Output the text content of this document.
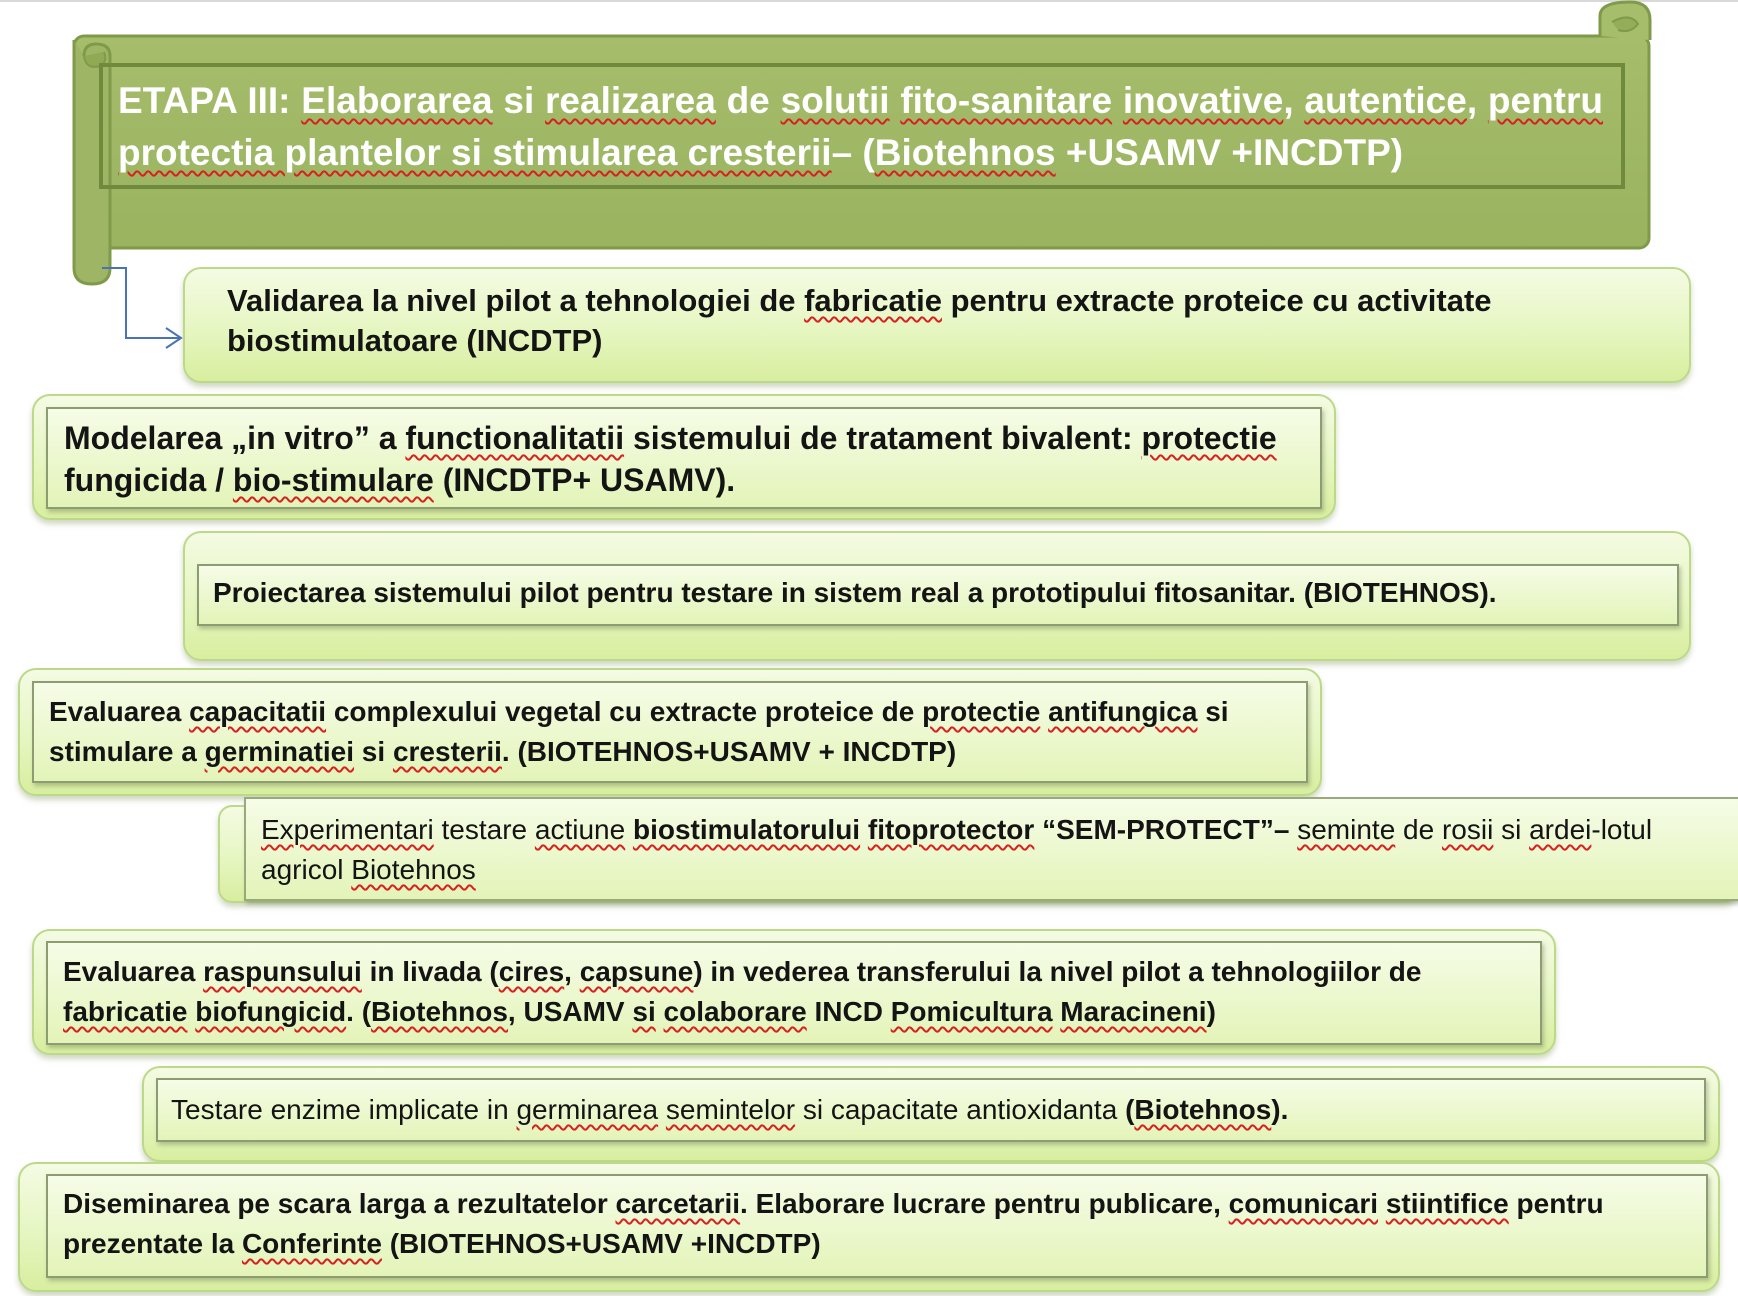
ETAPA III: Elaborarea si realizarea de solutii fito-sanitare inovative, autentice, pentru protectia plantelor si stimularea cresterii– (Biotehnos +USAMV +INCDTP)
Validarea la nivel pilot a tehnologiei de fabricatie pentru extracte proteice cu activitate biostimulatoare (INCDTP)
Modelarea „in vitro” a functionalitatii sistemului de tratament bivalent: protectie fungicida / bio-stimulare (INCDTP+ USAMV).
Proiectarea sistemului pilot pentru testare in sistem real a prototipului fitosanitar. (BIOTEHNOS).
Evaluarea capacitatii complexului vegetal cu extracte proteice de protectie antifungica si stimulare a germinatiei si cresterii. (BIOTEHNOS+USAMV + INCDTP)
Experimentari testare actiune biostimulatorului fitoprotector “SEM-PROTECT”– seminte de rosii si ardei-lotul agricol Biotehnos
Evaluarea raspunsului in livada (cires, capsune) in vederea transferului la nivel pilot a tehnologiilor de fabricatie biofungicid. (Biotehnos, USAMV si colaborare INCD Pomicultura Maracineni)
Testare enzime implicate in germinarea semintelor si capacitate antioxidanta (Biotehnos).
Diseminarea pe scara larga a rezultatelor carcetarii. Elaborare lucrare pentru publicare, comunicari stiintifice pentru prezentate la Conferinte (BIOTEHNOS+USAMV +INCDTP)
